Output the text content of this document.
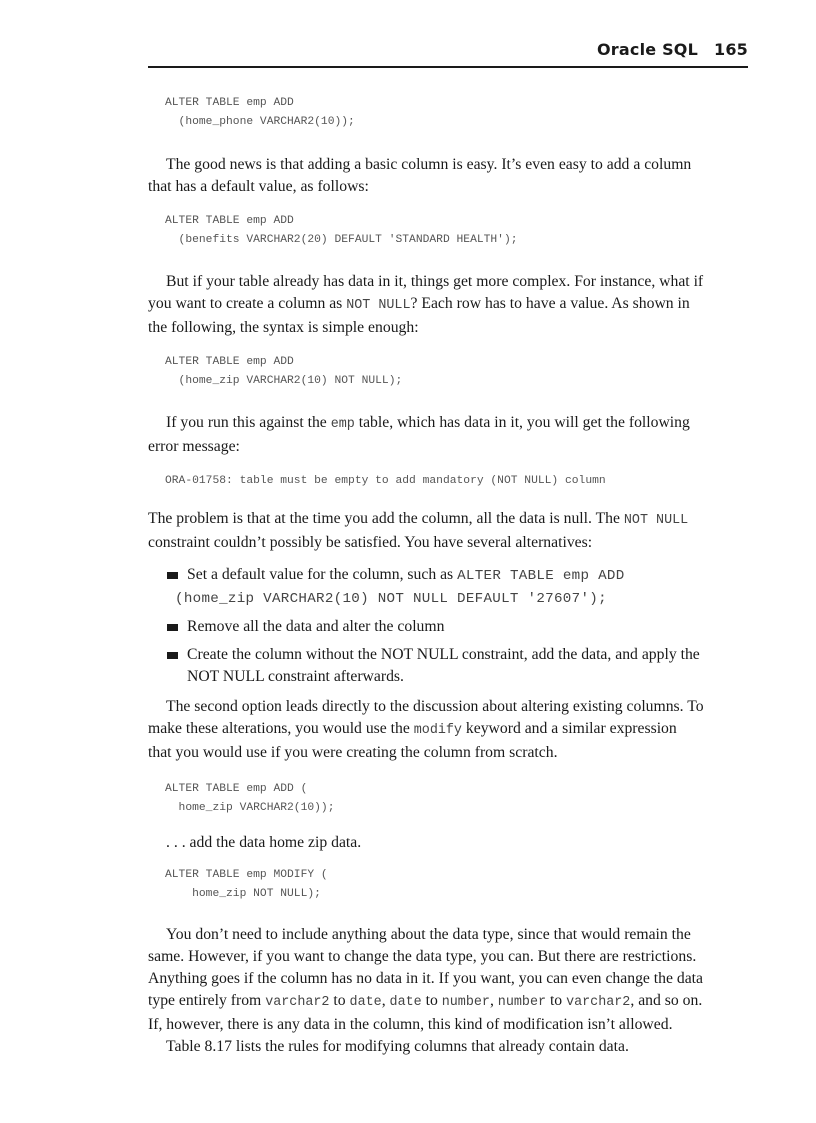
Oracle SQL 165
ALTER TABLE emp ADD
(home_phone VARCHAR2(10));

The good news is that adding a basic column is easy. It’s even easy to add a column that has a default value, as follows:

ALTER TABLE emp ADD
(benefits VARCHAR2(20) DEFAULT 'STANDARD HEALTH');

But if your table already has data in it, things get more complex. For instance, what if you want to create a column as NOT NULL? Each row has to have a value. As shown in the following, the syntax is simple enough:

ALTER TABLE emp ADD
(home_zip VARCHAR2(10) NOT NULL);

If you run this against the emp table, which has data in it, you will get the following error message:

ORA-01758: table must be empty to add mandatory (NOT NULL) column

The problem is that at the time you add the column, all the data is null. The NOT NULL constraint couldn’t possibly be satisfied. You have several alternatives:

Set a default value for the column, such as ALTER TABLE emp ADD
(home_zip VARCHAR2(10) NOT NULL DEFAULT '27607');
Remove all the data and alter the column
Create the column without the NOT NULL constraint, add the data, and apply the NOT NULL constraint afterwards.

The second option leads directly to the discussion about altering existing columns. To make these alterations, you would use the modify keyword and a similar expression that you would use if you were creating the column from scratch.

ALTER TABLE emp ADD (
home_zip VARCHAR2(10));

. . . add the data home zip data.

ALTER TABLE emp MODIFY (
home_zip NOT NULL);

You don’t need to include anything about the data type, since that would remain the same. However, if you want to change the data type, you can. But there are restrictions. Anything goes if the column has no data in it. If you want, you can even change the data type entirely from varchar2 to date, date to number, number to varchar2, and so on. If, however, there is any data in the column, this kind of modification isn’t allowed.

Table 8.17 lists the rules for modifying columns that already contain data.
